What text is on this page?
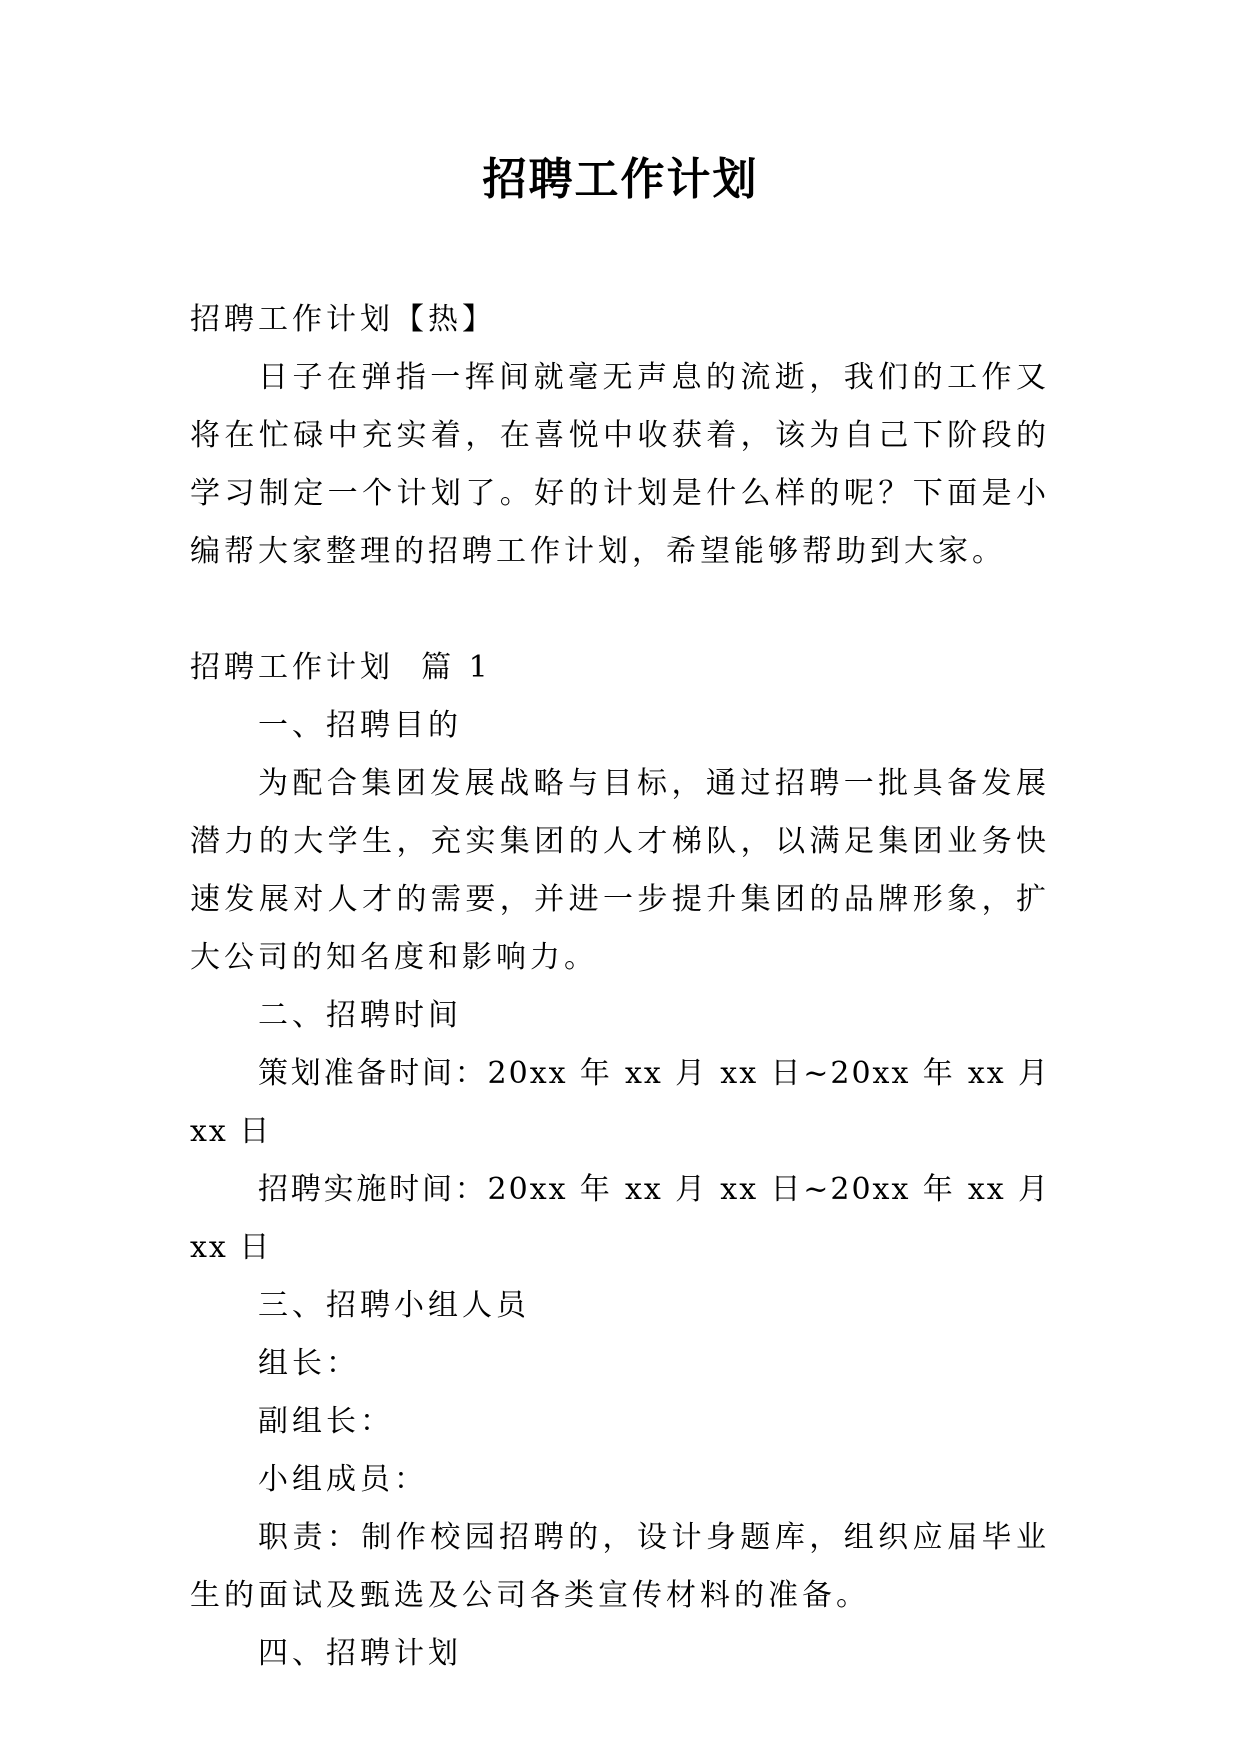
招聘工作计划

招聘工作计划【热】

日子在弹指一挥间就毫无声息的流逝，我们的工作又将在忙碌中充实着，在喜悦中收获着，该为自己下阶段的学习制定一个计划了。好的计划是什么样的呢？下面是小编帮大家整理的招聘工作计划，希望能够帮助到大家。

招聘工作计划  篇 1

一、招聘目的

为配合集团发展战略与目标，通过招聘一批具备发展潜力的大学生，充实集团的人才梯队，以满足集团业务快速发展对人才的需要，并进一步提升集团的品牌形象，扩大公司的知名度和影响力。

二、招聘时间

策划准备时间：20xx 年 xx 月 xx 日~20xx 年 xx 月 xx 日

招聘实施时间：20xx 年 xx 月 xx 日~20xx 年 xx 月 xx 日

三、招聘小组人员

组长：

副组长：

小组成员：

职责：制作校园招聘的，设计身题库，组织应届毕业生的面试及甄选及公司各类宣传材料的准备。

四、招聘计划
